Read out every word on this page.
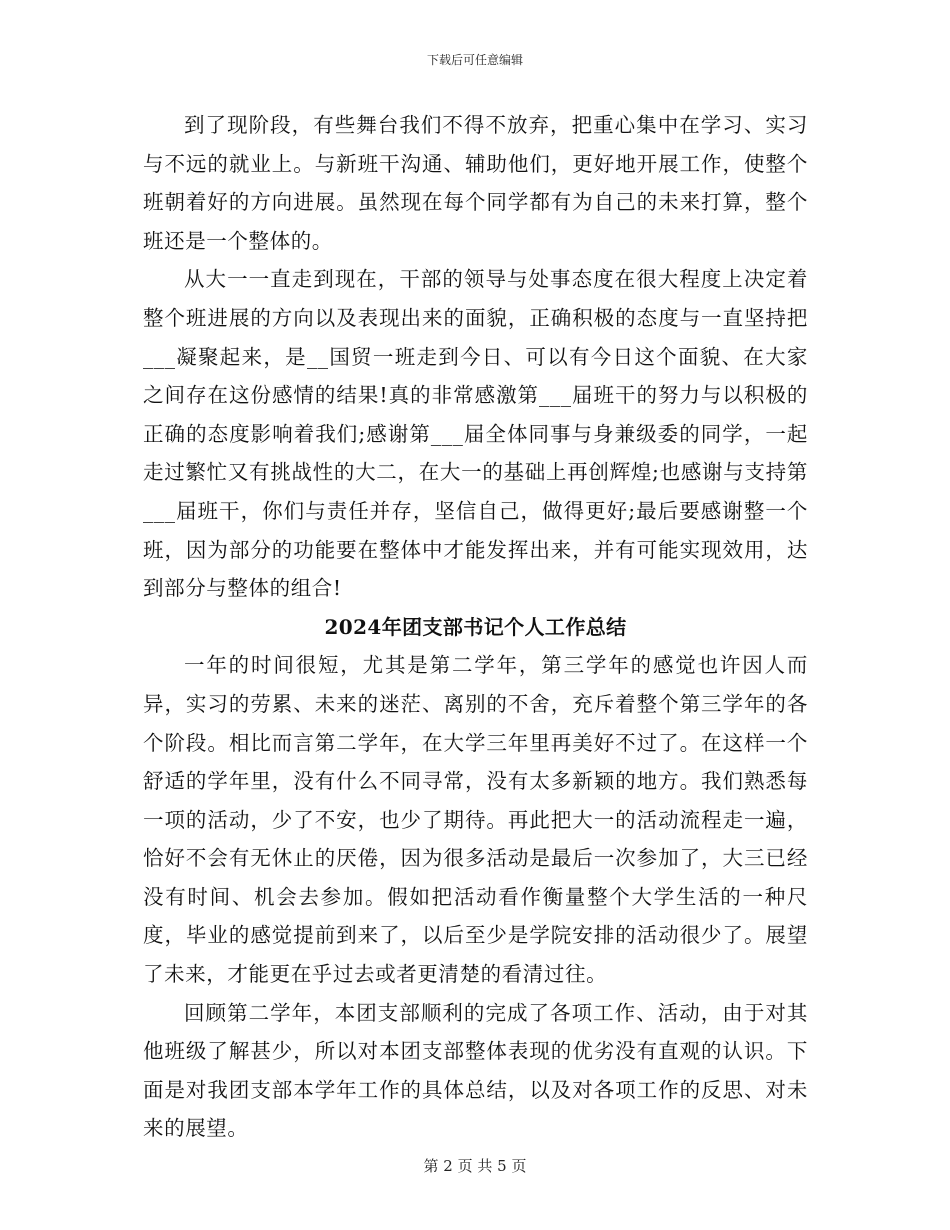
下载后可任意编辑

到了现阶段，有些舞台我们不得不放弃，把重心集中在学习、实习与不远的就业上。与新班干沟通、辅助他们，更好地开展工作，使整个班朝着好的方向进展。虽然现在每个同学都有为自己的未来打算，整个班还是一个整体的。

从大一一直走到现在，干部的领导与处事态度在很大程度上决定着整个班进展的方向以及表现出来的面貌，正确积极的态度与一直坚持把___凝聚起来，是__国贸一班走到今日、可以有今日这个面貌、在大家之间存在这份感情的结果!真的非常感激第___届班干的努力与以积极的正确的态度影响着我们;感谢第___届全体同事与身兼级委的同学，一起走过繁忙又有挑战性的大二，在大一的基础上再创辉煌;也感谢与支持第___届班干，你们与责任并存，坚信自己，做得更好;最后要感谢整一个班，因为部分的功能要在整体中才能发挥出来，并有可能实现效用，达到部分与整体的组合!

2024年团支部书记个人工作总结

一年的时间很短，尤其是第二学年，第三学年的感觉也许因人而异，实习的劳累、未来的迷茫、离别的不舍，充斥着整个第三学年的各个阶段。相比而言第二学年，在大学三年里再美好不过了。在这样一个舒适的学年里，没有什么不同寻常，没有太多新颖的地方。我们熟悉每一项的活动，少了不安，也少了期待。再此把大一的活动流程走一遍，恰好不会有无休止的厌倦，因为很多活动是最后一次参加了，大三已经没有时间、机会去参加。假如把活动看作衡量整个大学生活的一种尺度，毕业的感觉提前到来了，以后至少是学院安排的活动很少了。展望了未来，才能更在乎过去或者更清楚的看清过往。

回顾第二学年，本团支部顺利的完成了各项工作、活动，由于对其他班级了解甚少，所以对本团支部整体表现的优劣没有直观的认识。下面是对我团支部本学年工作的具体总结，以及对各项工作的反思、对未来的展望。

第 2 页 共 5 页
